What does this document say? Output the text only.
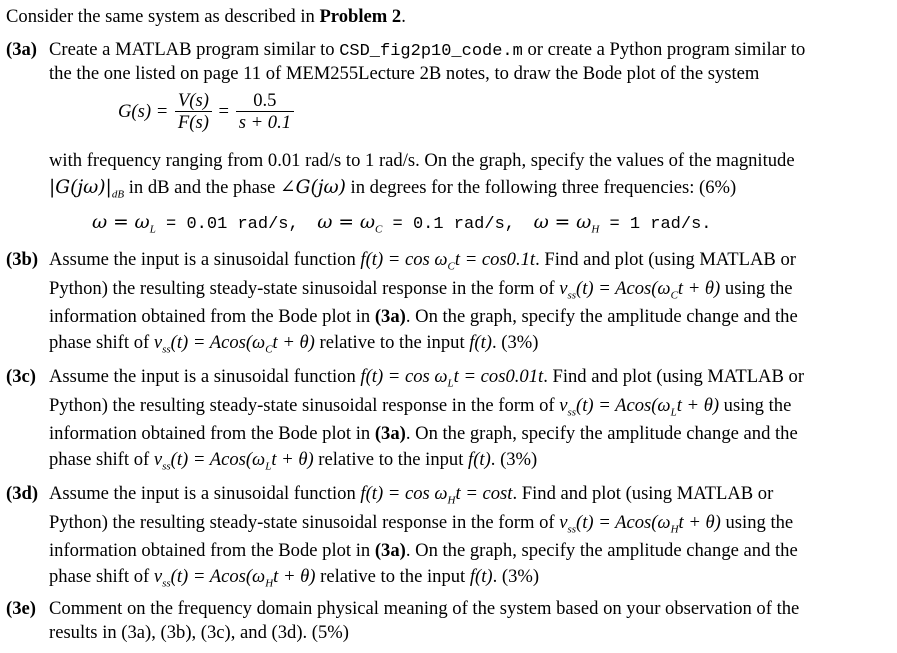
Consider the same system as described in Problem 2.
(3a) Create a MATLAB program similar to CSD_fig2p10_code.m or create a Python program similar to
the the one listed on page 11 of MEM255Lecture 2B notes, to draw the Bode plot of the system
$G(s) = \frac{V(s)}{F(s)} = \frac{0.5}{s + 0.1}$
with frequency ranging from 0.01 rad/s to 1 rad/s. On the graph, specify the values of the magnitude
$|G(j\omega)|_{dB}$ in dB and the phase ∠G(jω) in degrees for the following three frequencies: (6%)
$\omega = \omega_L = 0.01$ rad/s, $\omega = \omega_C = 0.1$ rad/s, $\omega = \omega_H = 1$ rad/s.
(3b) Assume the input is a sinusoidal function $f(t) = \cos \omega_Ct = \cos 0.1t$. Find and plot (using MATLAB or
Python) the resulting steady-state sinusoidal response in the form of $v_{ss}(t) = Acos(\omega_Ct + \theta)$ using the
information obtained from the Bode plot in (3a). On the graph, specify the amplitude change and the
phase shift of $v_{ss}(t) = Acos(\omega_Ct + \theta)$ relative to the input f(t). (3%)
(3c) Assume the input is a sinusoidal function $f(t) = \cos \omega_Lt = \cos 0.01t$. Find and plot (using MATLAB or
Python) the resulting steady-state sinusoidal response in the form of $v_{ss}(t) = Acos(\omega_Lt + \theta)$ using the
information obtained from the Bode plot in (3a). On the graph, specify the amplitude change and the
phase shift of $v_{ss}(t) = Acos(\omega_Lt + \theta)$ relative to the input f(t). (3%)
(3d) Assume the input is a sinusoidal function $f(t) = \cos \omega_Ht = \cos t$. Find and plot (using MATLAB or
Python) the resulting steady-state sinusoidal response in the form of $v_{ss}(t) = Acos(\omega_Ht + \theta)$ using the
information obtained from the Bode plot in (3a). On the graph, specify the amplitude change and the
phase shift of $v_{ss}(t) = Acos(\omega_Ht + \theta)$ relative to the input f(t). (3%)
(3e) Comment on the frequency domain physical meaning of the system based on your observation of the
results in (3a), (3b), (3c), and (3d). (5%)
